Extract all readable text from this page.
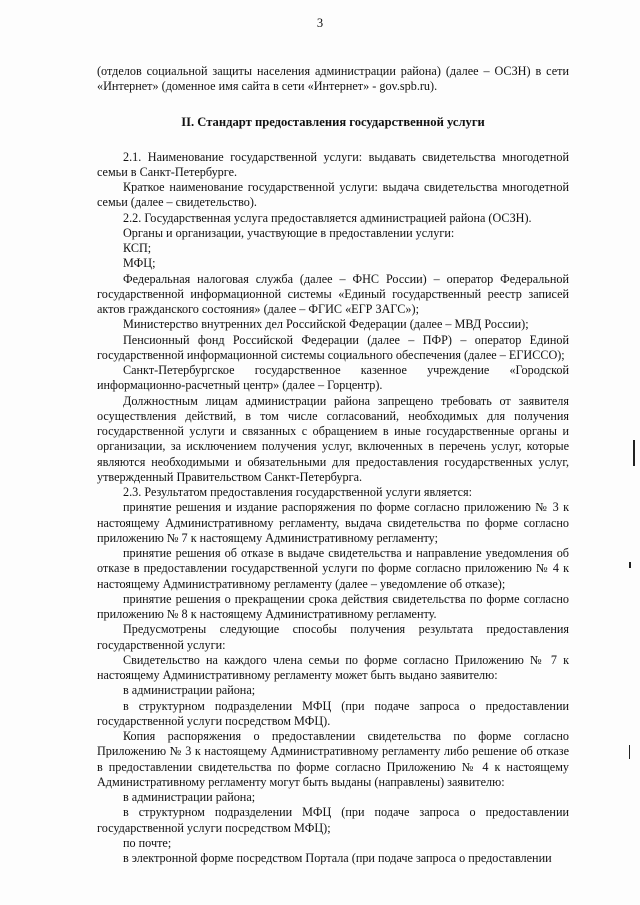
3

(отделов социальной защиты населения администрации района) (далее – ОСЗН) в сети «Интернет» (доменное имя сайта в сети «Интернет» - gov.spb.ru).

II. Стандарт предоставления государственной услуги

2.1. Наименование государственной услуги: выдавать свидетельства многодетной семьи в Санкт-Петербурге.

Краткое наименование государственной услуги: выдача свидетельства многодетной семьи (далее – свидетельство).

2.2. Государственная услуга предоставляется администрацией района (ОСЗН).

Органы и организации, участвующие в предоставлении услуги:

КСП;

МФЦ;

Федеральная налоговая служба (далее – ФНС России) – оператор Федеральной государственной информационной системы «Единый государственный реестр записей актов гражданского состояния» (далее – ФГИС «ЕГР ЗАГС»);

Министерство внутренних дел Российской Федерации (далее – МВД России);

Пенсионный фонд Российской Федерации (далее – ПФР) – оператор Единой государственной информационной системы социального обеспечения (далее – ЕГИССО);

Санкт-Петербургское государственное казенное учреждение «Городской информационно-расчетный центр» (далее – Горцентр).

Должностным лицам администрации района запрещено требовать от заявителя осуществления действий, в том числе согласований, необходимых для получения государственной услуги и связанных с обращением в иные государственные органы и организации, за исключением получения услуг, включенных в перечень услуг, которые являются необходимыми и обязательными для предоставления государственных услуг, утвержденный Правительством Санкт-Петербурга.

2.3. Результатом предоставления государственной услуги является:

принятие решения и издание распоряжения по форме согласно приложению № 3 к настоящему Административному регламенту, выдача свидетельства по форме согласно приложению № 7 к настоящему Административному регламенту;

принятие решения об отказе в выдаче свидетельства и направление уведомления об отказе в предоставлении государственной услуги по форме согласно приложению № 4 к настоящему Административному регламенту (далее – уведомление об отказе);

принятие решения о прекращении срока действия свидетельства по форме согласно приложению № 8 к настоящему Административному регламенту.

Предусмотрены следующие способы получения результата предоставления государственной услуги:

Свидетельство на каждого члена семьи по форме согласно Приложению № 7 к настоящему Административному регламенту может быть выдано заявителю:

в администрации района;

в структурном подразделении МФЦ (при подаче запроса о предоставлении государственной услуги посредством МФЦ).

Копия распоряжения о предоставлении свидетельства по форме согласно Приложению № 3 к настоящему Административному регламенту либо решение об отказе в предоставлении свидетельства по форме согласно Приложению № 4 к настоящему Административному регламенту могут быть выданы (направлены) заявителю:

в администрации района;

в структурном подразделении МФЦ (при подаче запроса о предоставлении государственной услуги посредством МФЦ);

по почте;

в электронной форме посредством Портала (при подаче запроса о предоставлении
